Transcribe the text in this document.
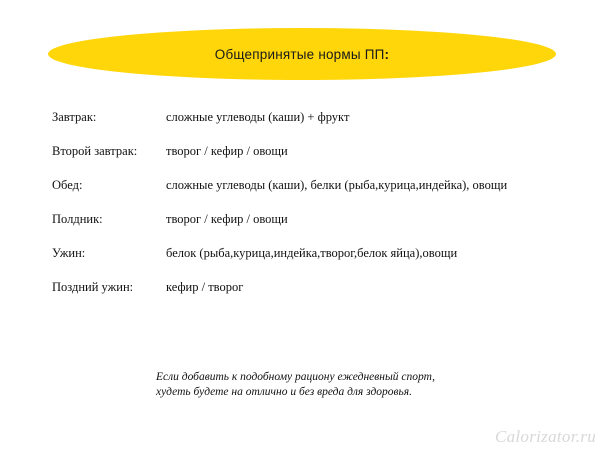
Общепринятые нормы ПП:
Завтрак:	сложные углеводы (каши) + фрукт
Второй завтрак: творог / кефир / овощи
Обед:	сложные углеводы (каши), белки (рыба,курица,индейка), овощи
Полдник:	творог / кефир / овощи
Ужин:	белок (рыба,курица,индейка,творог,белок яйца),овощи
Поздний ужин:	кефир / творог
Если добавить к подобному рациону ежедневный спорт,
худеть будете на отлично и без вреда для здоровья.
Calorizator.ru
